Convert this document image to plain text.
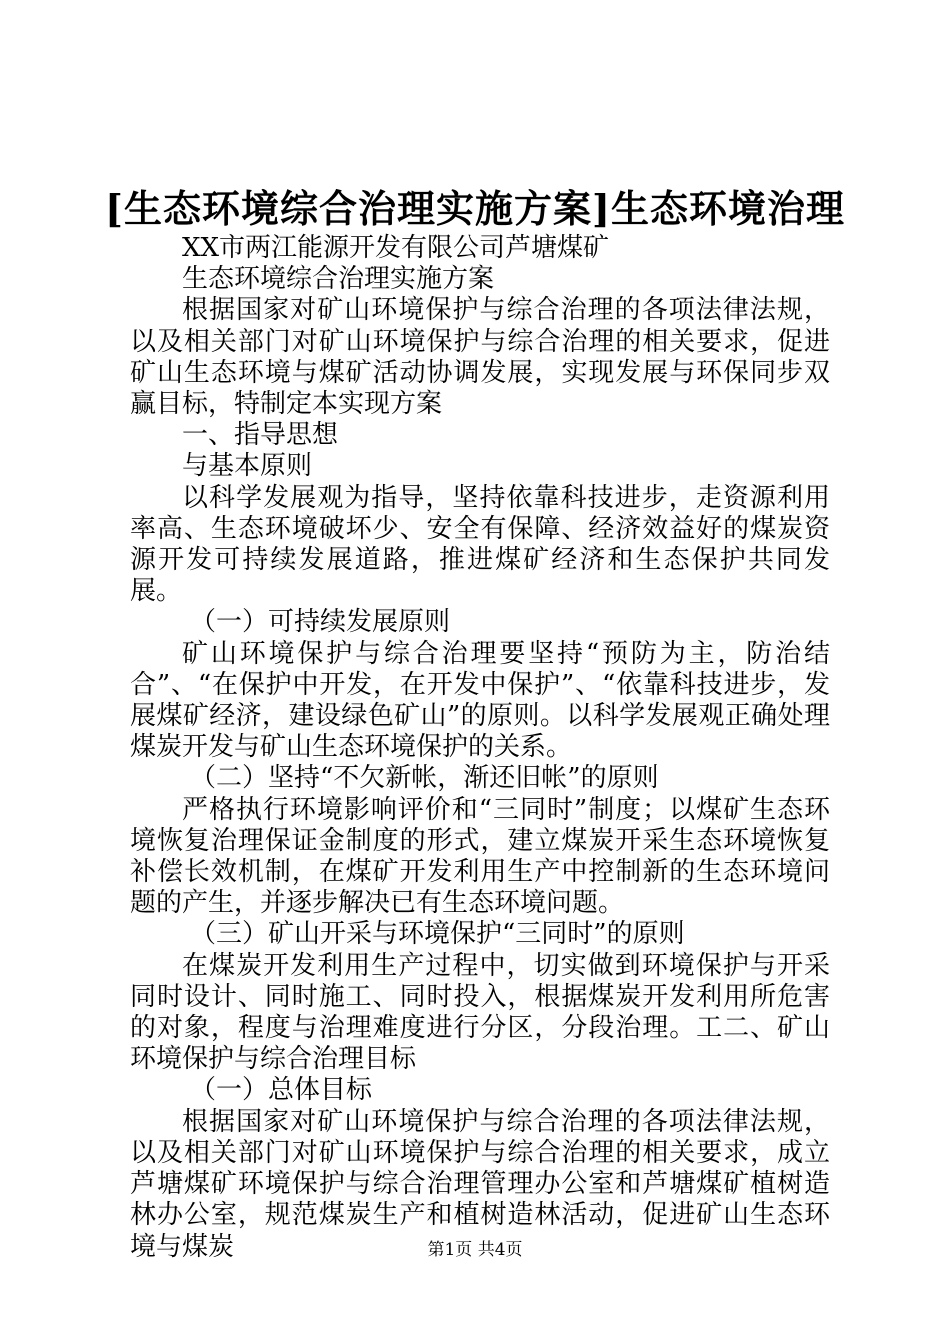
[生态环境综合治理实施方案]生态环境治理

XX市两江能源开发有限公司芦塘煤矿

生态环境综合治理实施方案

根据国家对矿山环境保护与综合治理的各项法律法规，以及相关部门对矿山环境保护与综合治理的相关要求，促进矿山生态环境与煤矿活动协调发展，实现发展与环保同步双赢目标，特制定本实现方案

一、指导思想

与基本原则

以科学发展观为指导，坚持依靠科技进步，走资源利用率高、生态环境破坏少、安全有保障、经济效益好的煤炭资源开发可持续发展道路，推进煤矿经济和生态保护共同发展。

（一）可持续发展原则

矿山环境保护与综合治理要坚持“预防为主，防治结合”、“在保护中开发，在开发中保护”、“依靠科技进步，发展煤矿经济，建设绿色矿山”的原则。以科学发展观正确处理煤炭开发与矿山生态环境保护的关系。

（二）坚持“不欠新帐，渐还旧帐”的原则

严格执行环境影响评价和“三同时”制度；以煤矿生态环境恢复治理保证金制度的形式，建立煤炭开采生态环境恢复补偿长效机制，在煤矿开发利用生产中控制新的生态环境问题的产生，并逐步解决已有生态环境问题。

（三）矿山开采与环境保护“三同时”的原则

在煤炭开发利用生产过程中，切实做到环境保护与开采同时设计、同时施工、同时投入，根据煤炭开发利用所危害的对象，程度与治理难度进行分区，分段治理。工二、矿山环境保护与综合治理目标

（一）总体目标

根据国家对矿山环境保护与综合治理的各项法律法规，以及相关部门对矿山环境保护与综合治理的相关要求，成立芦塘煤矿环境保护与综合治理管理办公室和芦塘煤矿植树造林办公室，规范煤炭生产和植树造林活动，促进矿山生态环境与煤炭	第1页 共4页
